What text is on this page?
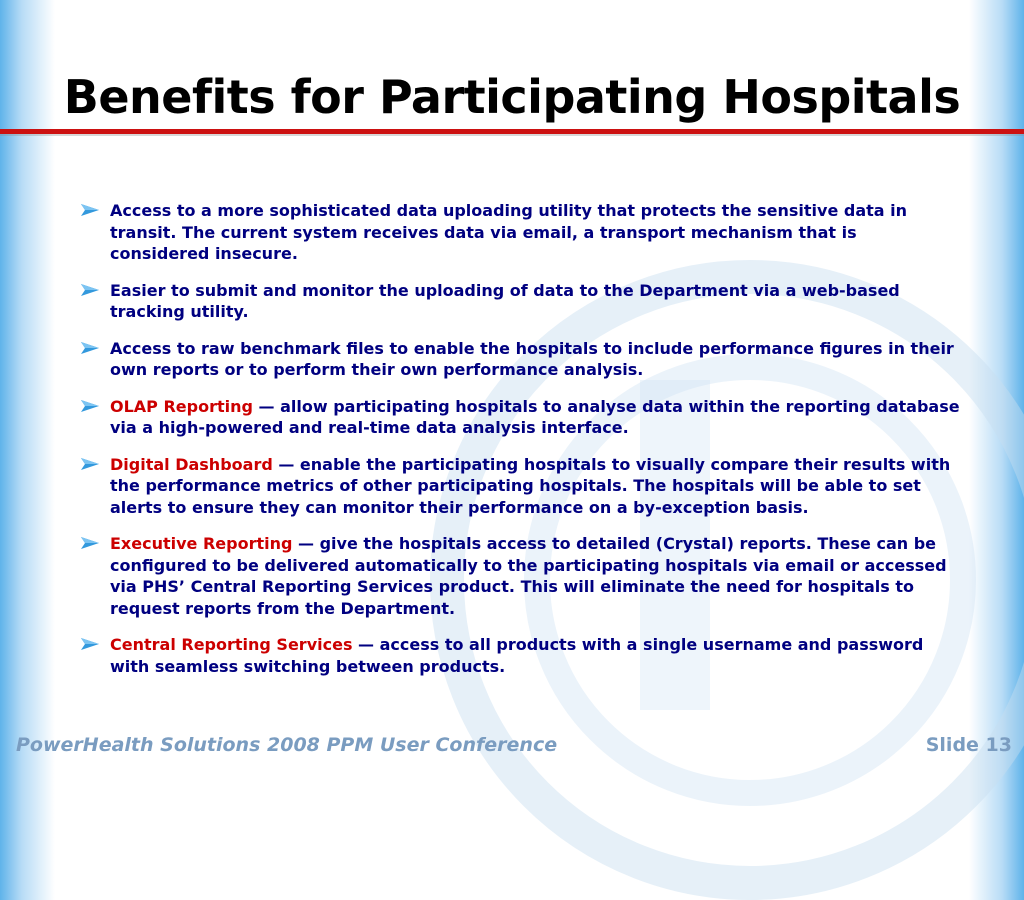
Benefits for Participating Hospitals
Access to a more sophisticated data uploading utility that protects the sensitive data in transit. The current system receives data via email, a transport mechanism that is considered insecure.
Easier to submit and monitor the uploading of data to the Department via a web-based tracking utility.
Access to raw benchmark files to enable the hospitals to include performance figures in their own reports or to perform their own performance analysis.
OLAP Reporting — allow participating hospitals to analyse data within the reporting database via a high-powered and real-time data analysis interface.
Digital Dashboard — enable the participating hospitals to visually compare their results with the performance metrics of other participating hospitals. The hospitals will be able to set alerts to ensure they can monitor their performance on a by-exception basis.
Executive Reporting — give the hospitals access to detailed (Crystal) reports. These can be configured to be delivered automatically to the participating hospitals via email or accessed via PHS’ Central Reporting Services product. This will eliminate the need for hospitals to request reports from the Department.
Central Reporting Services — access to all products with a single username and password with seamless switching between products.
PowerHealth Solutions 2008 PPM User Conference	Slide 13
